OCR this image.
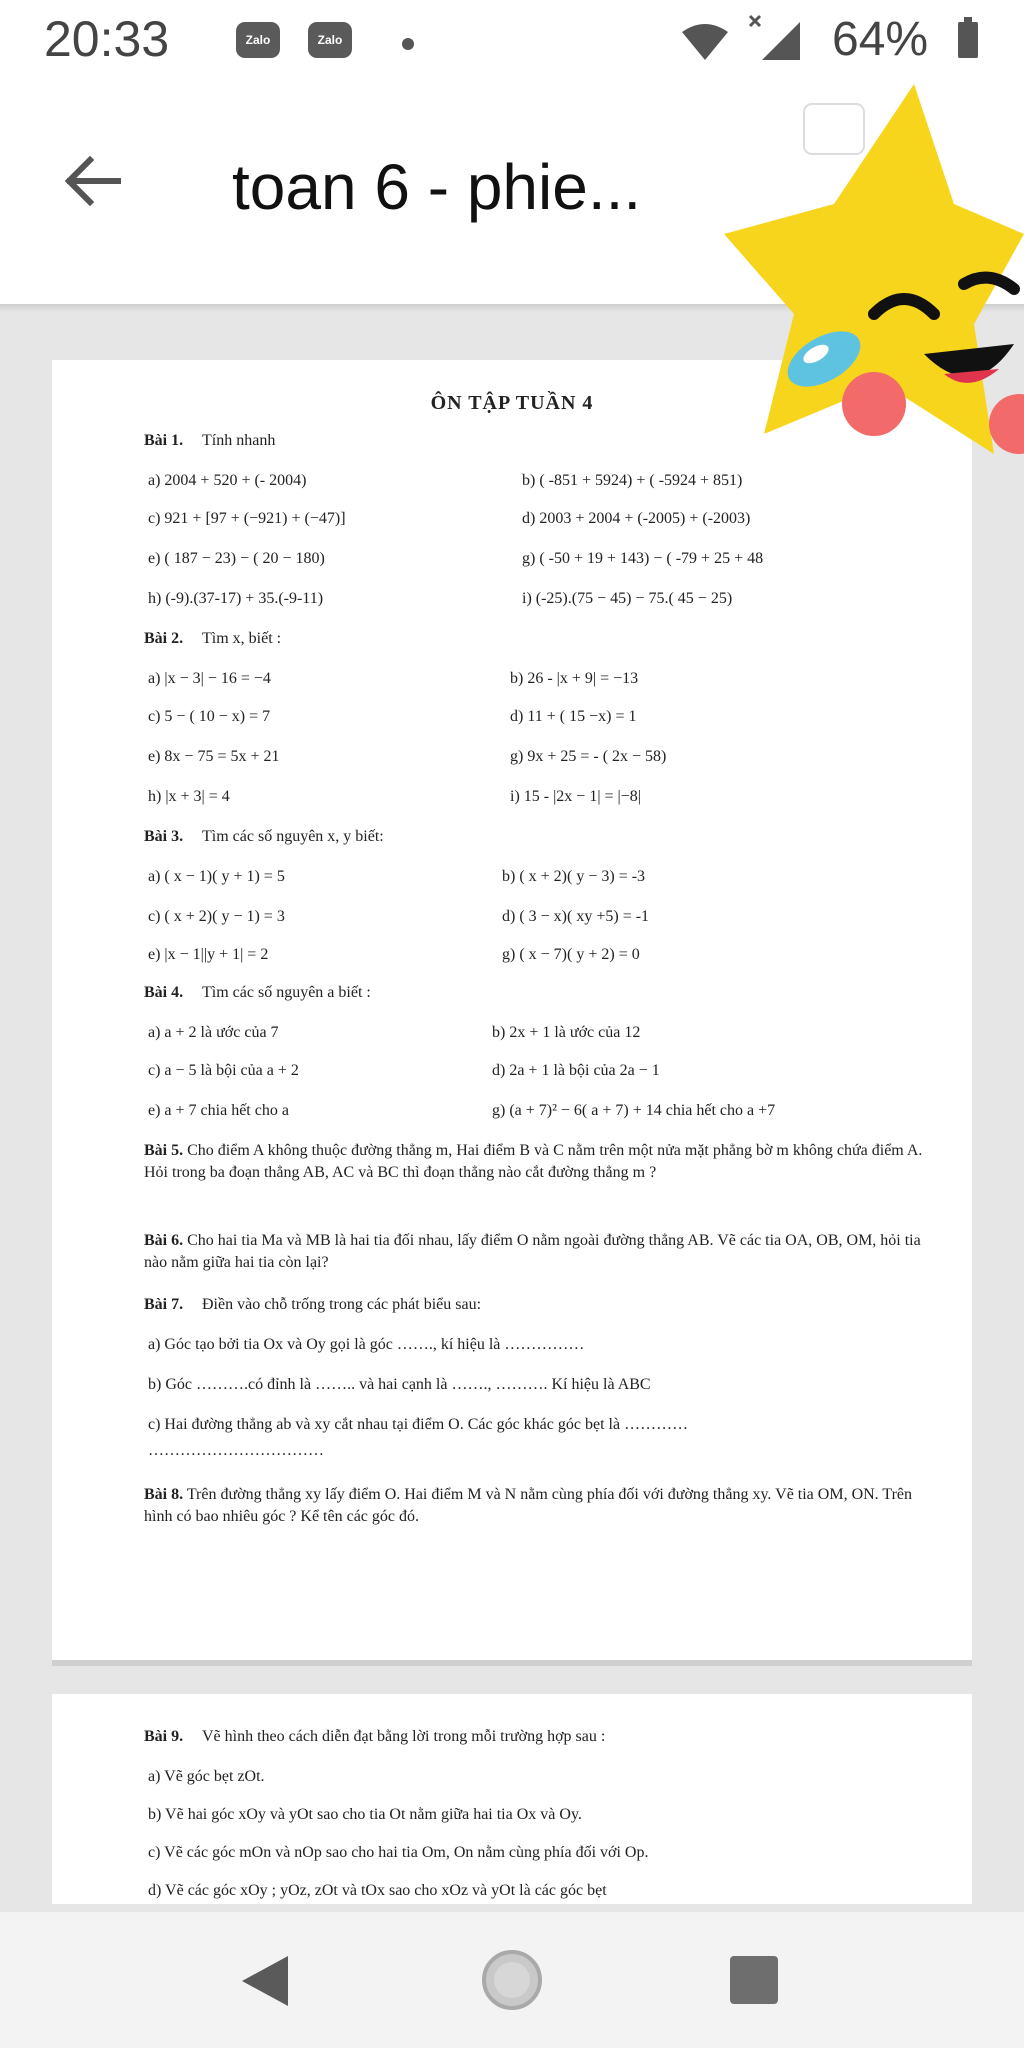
20:33	Zalo	Zalo	64%
toan 6 - phie...
ÔN TẬP TUẦN 4
Bài 1. Tính nhanh
a) 2004 + 520 + (- 2004)	b) ( -851 + 5924) + ( -5924 + 851)
c) 921 + [97 + (−921) + (−47)]	d) 2003 + 2004 + (-2005) + (-2003)
e) ( 187 − 23) − ( 20 − 180)	g) ( -50 + 19 + 143) − ( -79 + 25 + 48
h) (-9).(37-17) + 35.(-9-11)	i) (-25).(75 − 45) − 75.( 45 − 25)
Bài 2. Tìm x, biết :
a) |x − 3| − 16 = −4	b) 26 - |x + 9| = −13
c) 5 − ( 10 − x) = 7	d) 11 + ( 15 −x) = 1
e) 8x − 75 = 5x + 21	g) 9x + 25 = - ( 2x − 58)
h) |x + 3| = 4	i) 15 - |2x − 1| = |−8|
Bài 3. Tìm các số nguyên x, y biết:
a) ( x − 1)( y + 1) = 5	b) ( x + 2)( y − 3) = -3
c) ( x + 2)( y − 1) = 3	d) ( 3 − x)( xy +5) = -1
e) |x − 1||y + 1| = 2	g) ( x − 7)( y + 2) = 0
Bài 4. Tìm các số nguyên a biết :
a) a + 2 là ước của 7	b) 2x + 1 là ước của 12
c) a − 5 là bội của a + 2	d) 2a + 1 là bội của 2a − 1
e) a + 7 chia hết cho a	g) (a + 7)² − 6( a + 7) + 14 chia hết cho a +7
Bài 5. Cho điểm A không thuộc đường thẳng m, Hai điểm B và C nằm trên một nửa mặt phẳng bờ m không chứa điểm A. Hỏi trong ba đoạn thẳng AB, AC và BC thì đoạn thẳng nào cắt đường thẳng m ?
Bài 6. Cho hai tia Ma và MB là hai tia đối nhau, lấy điểm O nằm ngoài đường thẳng AB. Vẽ các tia OA, OB, OM, hỏi tia nào nằm giữa hai tia còn lại?
Bài 7. Điền vào chỗ trống trong các phát biểu sau:
a) Góc tạo bởi tia Ox và Oy gọi là góc ……., kí hiệu là ……………
b) Góc ……….có đỉnh là …….. và hai cạnh là ……., ………. Kí hiệu là ABC
c) Hai đường thẳng ab và xy cắt nhau tại điểm O. Các góc khác góc bẹt là …………
……………………………
Bài 8. Trên đường thẳng xy lấy điểm O. Hai điểm M và N nằm cùng phía đối với đường thẳng xy. Vẽ tia OM, ON. Trên hình có bao nhiêu góc ? Kể tên các góc đó.
Bài 9. Vẽ hình theo cách diễn đạt bằng lời trong mỗi trường hợp sau :
a) Vẽ góc bẹt zOt.
b) Vẽ hai góc xOy và yOt sao cho tia Ot nằm giữa hai tia Ox và Oy.
c) Vẽ các góc mOn và nOp sao cho hai tia Om, On nằm cùng phía đối với Op.
d) Vẽ các góc xOy ; yOz, zOt và tOx sao cho xOz và yOt là các góc bẹt
